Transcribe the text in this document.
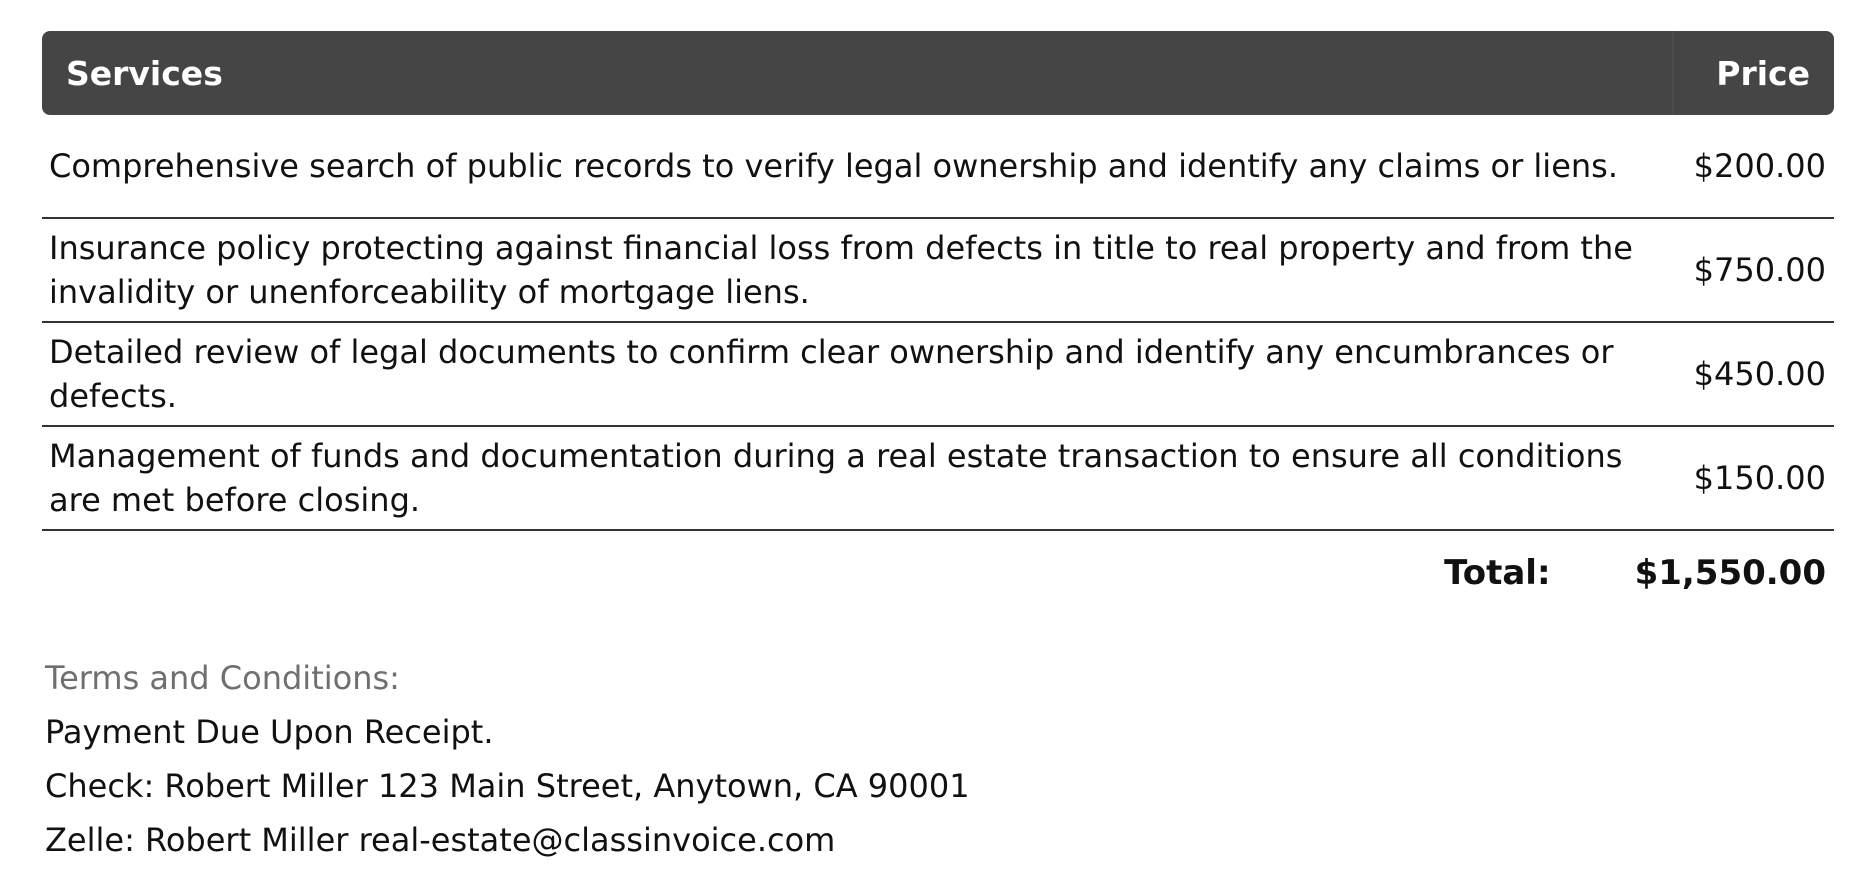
Services	Price
Comprehensive search of public records to verify legal ownership and identify any claims or liens.	$200.00
Insurance policy protecting against financial loss from defects in title to real property and from the invalidity or unenforceability of mortgage liens.	$750.00
Detailed review of legal documents to confirm clear ownership and identify any encumbrances or defects.	$450.00
Management of funds and documentation during a real estate transaction to ensure all conditions are met before closing.	$150.00
Total: $1,550.00
Terms and Conditions:
Payment Due Upon Receipt.
Check: Robert Miller 123 Main Street, Anytown, CA 90001
Zelle: Robert Miller real-estate@classinvoice.com
